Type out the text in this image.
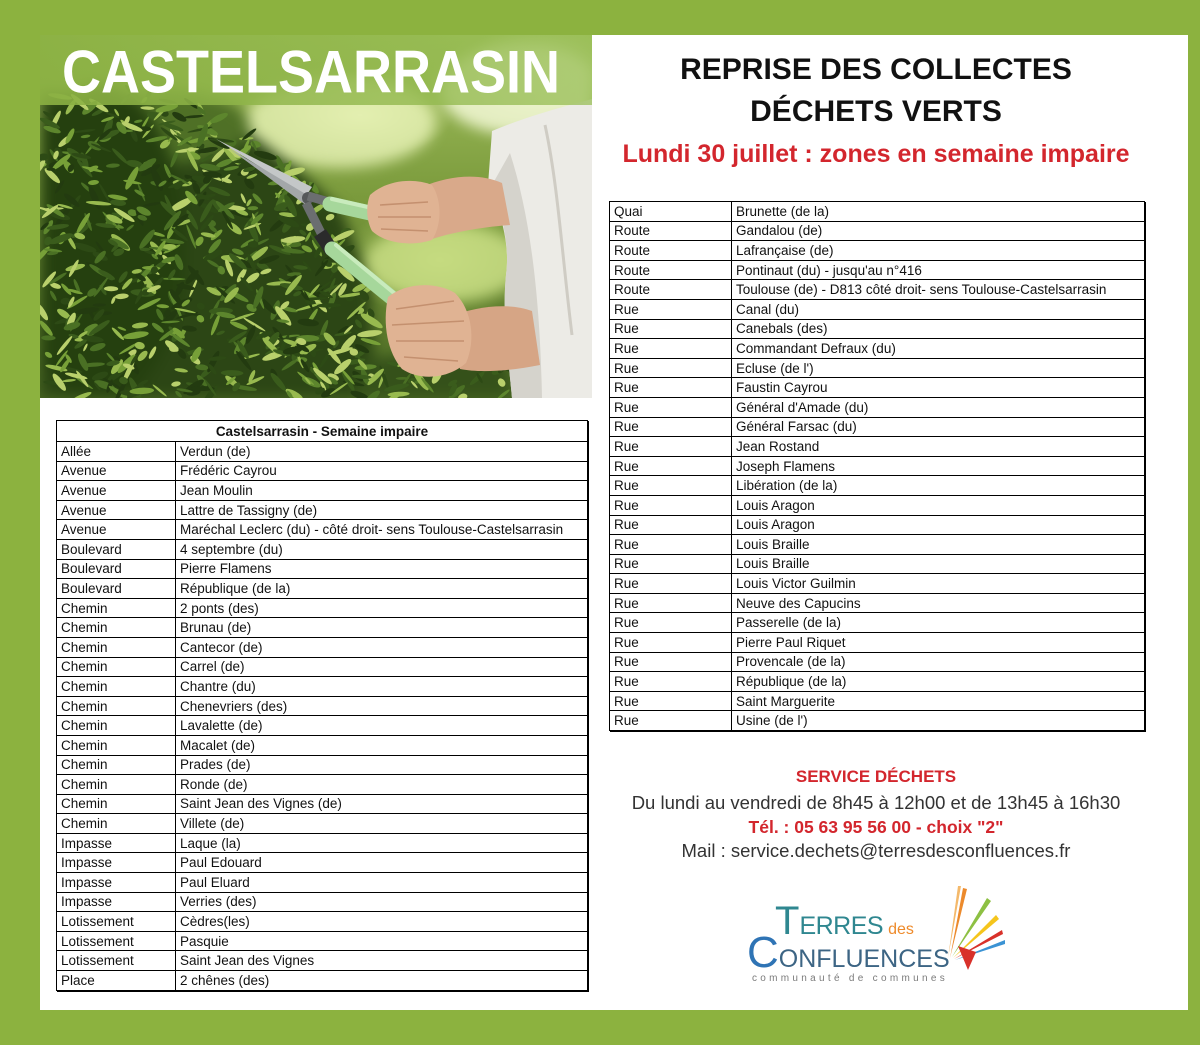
CASTELSARRASIN	REPRISE DES COLLECTES
DÉCHETS VERTS
Lundi 30 juillet : zones en semaine impaire
Castelsarrasin - Semaine impaire	
Allée	Verdun (de)
Avenue	Frédéric Cayrou
Avenue	Jean Moulin
Avenue	Lattre de Tassigny (de)
Avenue	Maréchal Leclerc (du) - côté droit- sens Toulouse-Castelsarrasin
Boulevard	4 septembre (du)
Boulevard	Pierre Flamens
Boulevard	République (de la)
Chemin	2 ponts (des)
Chemin	Brunau (de)
Chemin	Cantecor (de)
Chemin	Carrel (de)
Chemin	Chantre (du)
Chemin	Chenevriers (des)
Chemin	Lavalette (de)
Chemin	Macalet (de)
Chemin	Prades (de)
Chemin	Ronde (de)
Chemin	Saint Jean des Vignes (de)
Chemin	Villete (de)
Impasse	Laque (la)
Impasse	Paul Edouard
Impasse	Paul Eluard
Impasse	Verries (des)
Lotissement	Cèdres(les)
Lotissement	Pasquie
Lotissement	Saint Jean des Vignes
Place	2 chênes (des)
Quai	Brunette (de la)
Route	Gandalou (de)
Route	Lafrançaise (de)
Route	Pontinaut (du) - jusqu'au n°416
Route	Toulouse (de) - D813 côté droit- sens Toulouse-Castelsarrasin
Rue	Canal (du)
Rue	Canebals (des)
Rue	Commandant Defraux (du)
Rue	Ecluse (de l')
Rue	Faustin Cayrou
Rue	Général d'Amade (du)
Rue	Général Farsac (du)
Rue	Jean Rostand
Rue	Joseph Flamens
Rue	Libération (de la)
Rue	Louis Aragon
Rue	Louis Aragon
Rue	Louis Braille
Rue	Louis Braille
Rue	Louis Victor Guilmin
Rue	Neuve des Capucins
Rue	Passerelle (de la)
Rue	Pierre Paul Riquet
Rue	Provencale (de la)
Rue	République (de la)
Rue	Saint Marguerite
Rue	Usine (de l')
SERVICE DÉCHETS
Du lundi au vendredi de 8h45 à 12h00 et de 13h45 à 16h30
Tél. : 05 63 95 56 00 - choix "2"
Mail : service.dechets@terresdesconfluences.fr
TERRES des
CONFLUENCES
communauté de communes
